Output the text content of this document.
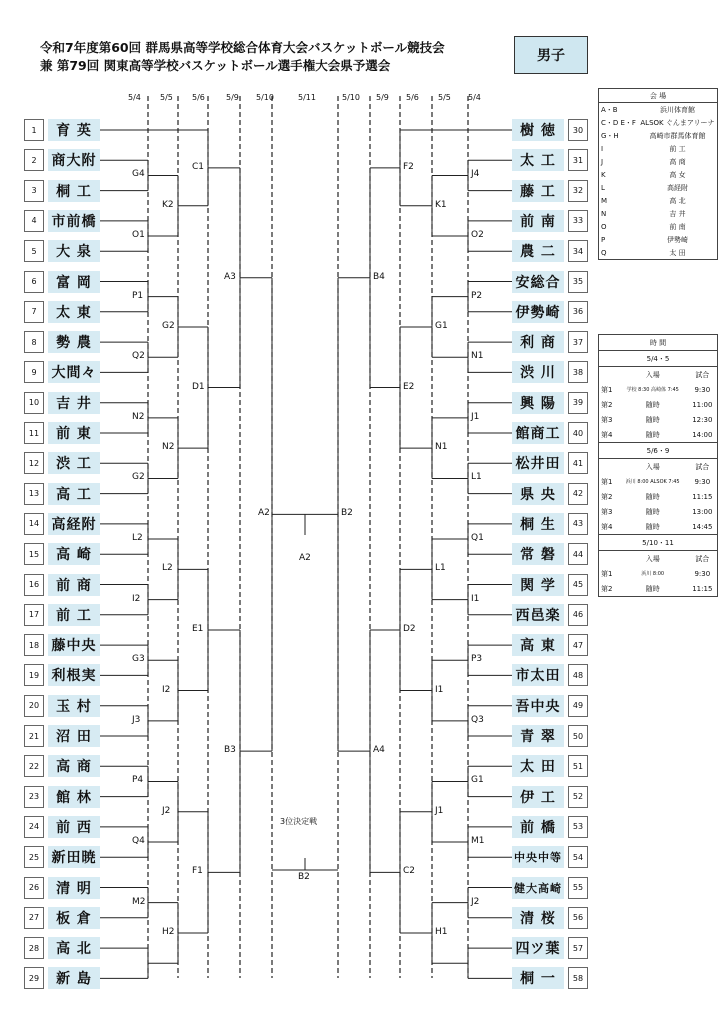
令和7年度第60回 群馬県高等学校総合体育大会バスケットボール競技会
兼 第79回 関東高等学校バスケットボール選手権大会県予選会
男子
5/4 5/5 5/6	5/9 5/10	5/11	5/10 5/9 5/6 5/5 5/4
1	育 英
2	商大附
3	桐 工
4	市前橋
5	大 泉
6	富 岡
7	太 東
8	勢 農
9	大間々
10	吉 井
11	前 東
12	渋 工
13	高 工
14 高経附
15	高 崎
16	前 商
17	前 工
18 藤中央
19 利根実
20	玉 村
21	沼 田
22	高 商
23	館 林
24	前 西
25 新田暁
26	清 明
27	板 倉
28	高 北
29	新 島
樹 徳	30
太 工	31
藤 工	32
前 南	33
農 二	34
安総合	35
伊勢崎	36
利 商	37
渋 川	38
興 陽	39
館商工	40
松井田	41
県 央	42
桐 生	43
常 磐	44
関 学	45
西邑楽	46
高 東	47
市太田	48
吾中央	49
青 翠	50
太 田	51
伊 工	52
前 橋	53
中央中等	54
健大高崎	55
清 桜	56
四ツ葉	57
桐 一	58
G4
O1
P1
Q2
N2
G2
L2
I2
G3
J3
P4
Q4
M2
K2
G2
N2
L2
I2
J2
H2
C1
D1
E1
F1
A3
B3
A2
J4
O2
P2
N1
J1
L1
Q1
I1
P3
Q3
G1
M1
J2
K1
G1
N1
L1
I1
J1
H1
F2
E2
D2
C2
B4
A4
B2
3位決定戦
B2
A2
会 場	
A・B	浜川体育館
C・D E・F	ALSOK ぐんまアリーナ
G・H	高崎市群馬体育館
I	前 工
J	高 商
K	高 女
L	高経附
M	高 北
N	吉 井
O	前 南
P	伊勢崎
Q	太 田
時 間		
5/4・5		
	入場	試合
第1	学校 8:30 高崎体 7:45	9:30
第2	随時	11:00
第3	随時	12:30
第4	随時	14:00
5/6・9		
	入場	試合
第1	浜川 8:00 ALSOK 7:45	9:30
第2	随時	11:15
第3	随時	13:00
第4	随時	14:45
5/10・11		
	入場	試合
第1	浜川 8:00	9:30
第2	随時	11:15
